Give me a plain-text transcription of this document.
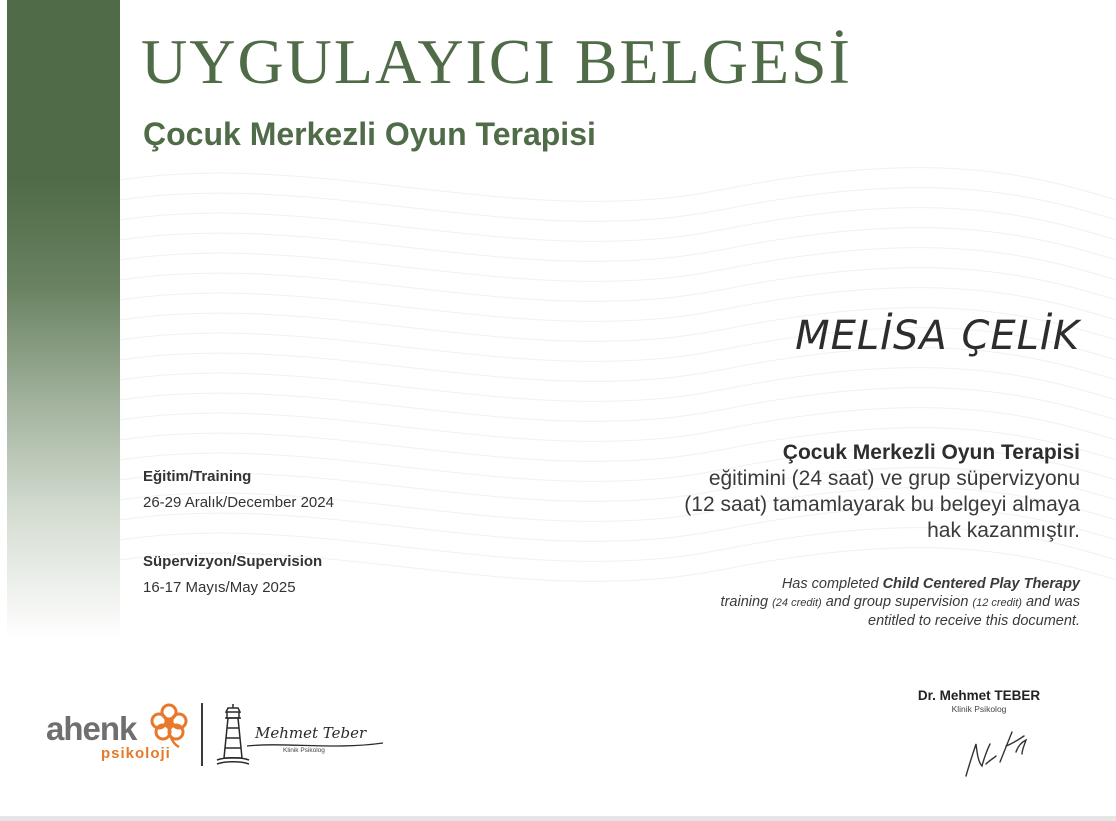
UYGULAYICI BELGESİ
Çocuk Merkezli Oyun Terapisi
MELİSA ÇELİK
Çocuk Merkezli Oyun Terapisi
eğitimini (24 saat) ve grup süpervizyonu
(12 saat) tamamlayarak bu belgeyi almaya
hak kazanmıştır.
Has completed Child Centered Play Therapy
training (24 credit) and group supervision (12 credit) and was
entitled to receive this document.
Eğitim/Training
26-29 Aralık/December 2024
Süpervizyon/Supervision
16-17 Mayıs/May 2025
ahenk
psikoloji
Mehmet Teber
Klinik Psikolog
Dr. Mehmet TEBER
Klinik Psikolog
